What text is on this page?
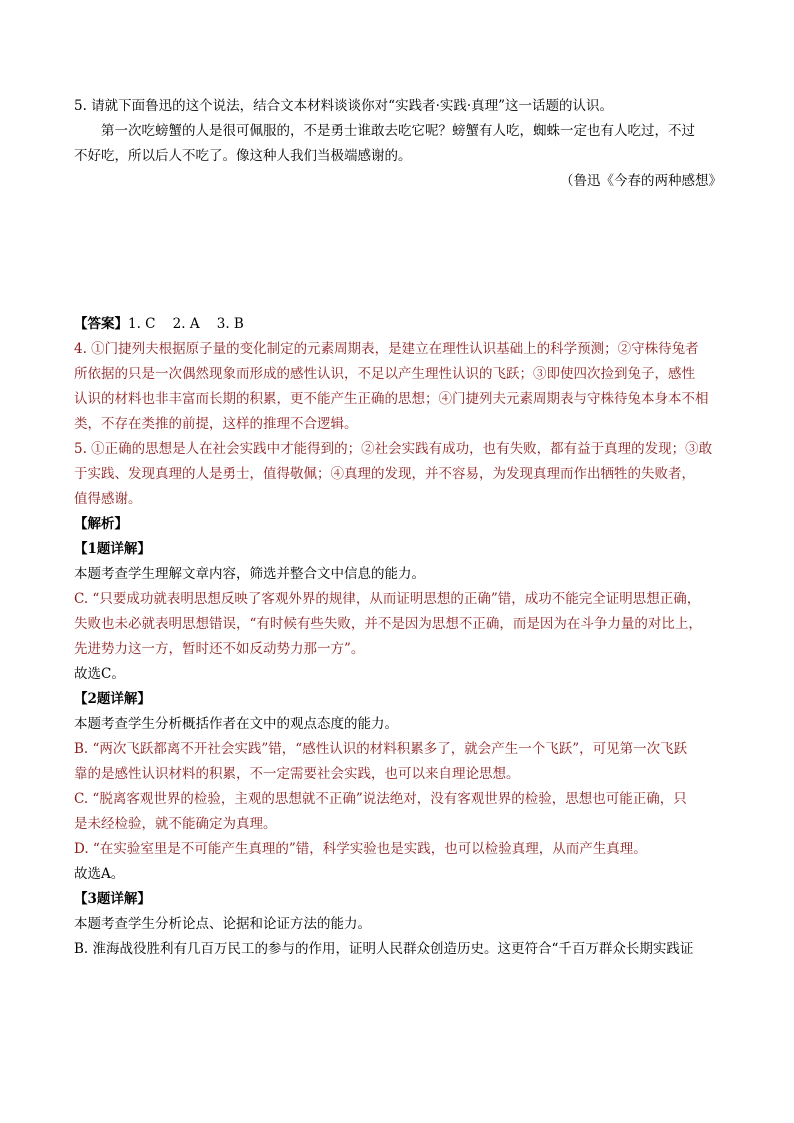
5. 请就下面鲁迅的这个说法，结合文本材料谈谈你对“实践者·实践·真理”这一话题的认识。
第一次吃螃蟹的人是很可佩服的，不是勇士谁敢去吃它呢？螃蟹有人吃，蜘蛛一定也有人吃过，不过
不好吃，所以后人不吃了。像这种人我们当极端感谢的。
（鲁迅《今春的两种感想》
【答案】1. C    2. A    3. B
4. ①门捷列夫根据原子量的变化制定的元素周期表，是建立在理性认识基础上的科学预测；②守株待兔者
所依据的只是一次偶然现象而形成的感性认识，不足以产生理性认识的飞跃；③即使四次捡到兔子，感性
认识的材料也非丰富而长期的积累，更不能产生正确的思想；④门捷列夫元素周期表与守株待兔本身本不相
类，不存在类推的前提，这样的推理不合逻辑。
5. ①正确的思想是人在社会实践中才能得到的；②社会实践有成功，也有失败，都有益于真理的发现；③敢
于实践、发现真理的人是勇士，值得敬佩；④真理的发现，并不容易，为发现真理而作出牺牲的失败者，
值得感谢。
【解析】
【1题详解】
本题考查学生理解文章内容，筛选并整合文中信息的能力。
C. “只要成功就表明思想反映了客观外界的规律，从而证明思想的正确”错，成功不能完全证明思想正确，
失败也未必就表明思想错误，“有时候有些失败，并不是因为思想不正确，而是因为在斗争力量的对比上，
先进势力这一方，暂时还不如反动势力那一方”。
故选C。
【2题详解】
本题考查学生分析概括作者在文中的观点态度的能力。
B. “两次飞跃都离不开社会实践”错，“感性认识的材料积累多了，就会产生一个飞跃”，可见第一次飞跃
靠的是感性认识材料的积累，不一定需要社会实践，也可以来自理论思想。
C. “脱离客观世界的检验，主观的思想就不正确”说法绝对，没有客观世界的检验，思想也可能正确，只
是未经检验，就不能确定为真理。
D. “在实验室里是不可能产生真理的”错，科学实验也是实践，也可以检验真理，从而产生真理。
故选A。
【3题详解】
本题考查学生分析论点、论据和论证方法的能力。
B. 淮海战役胜利有几百万民工的参与的作用，证明人民群众创造历史。这更符合“千百万群众长期实践证
